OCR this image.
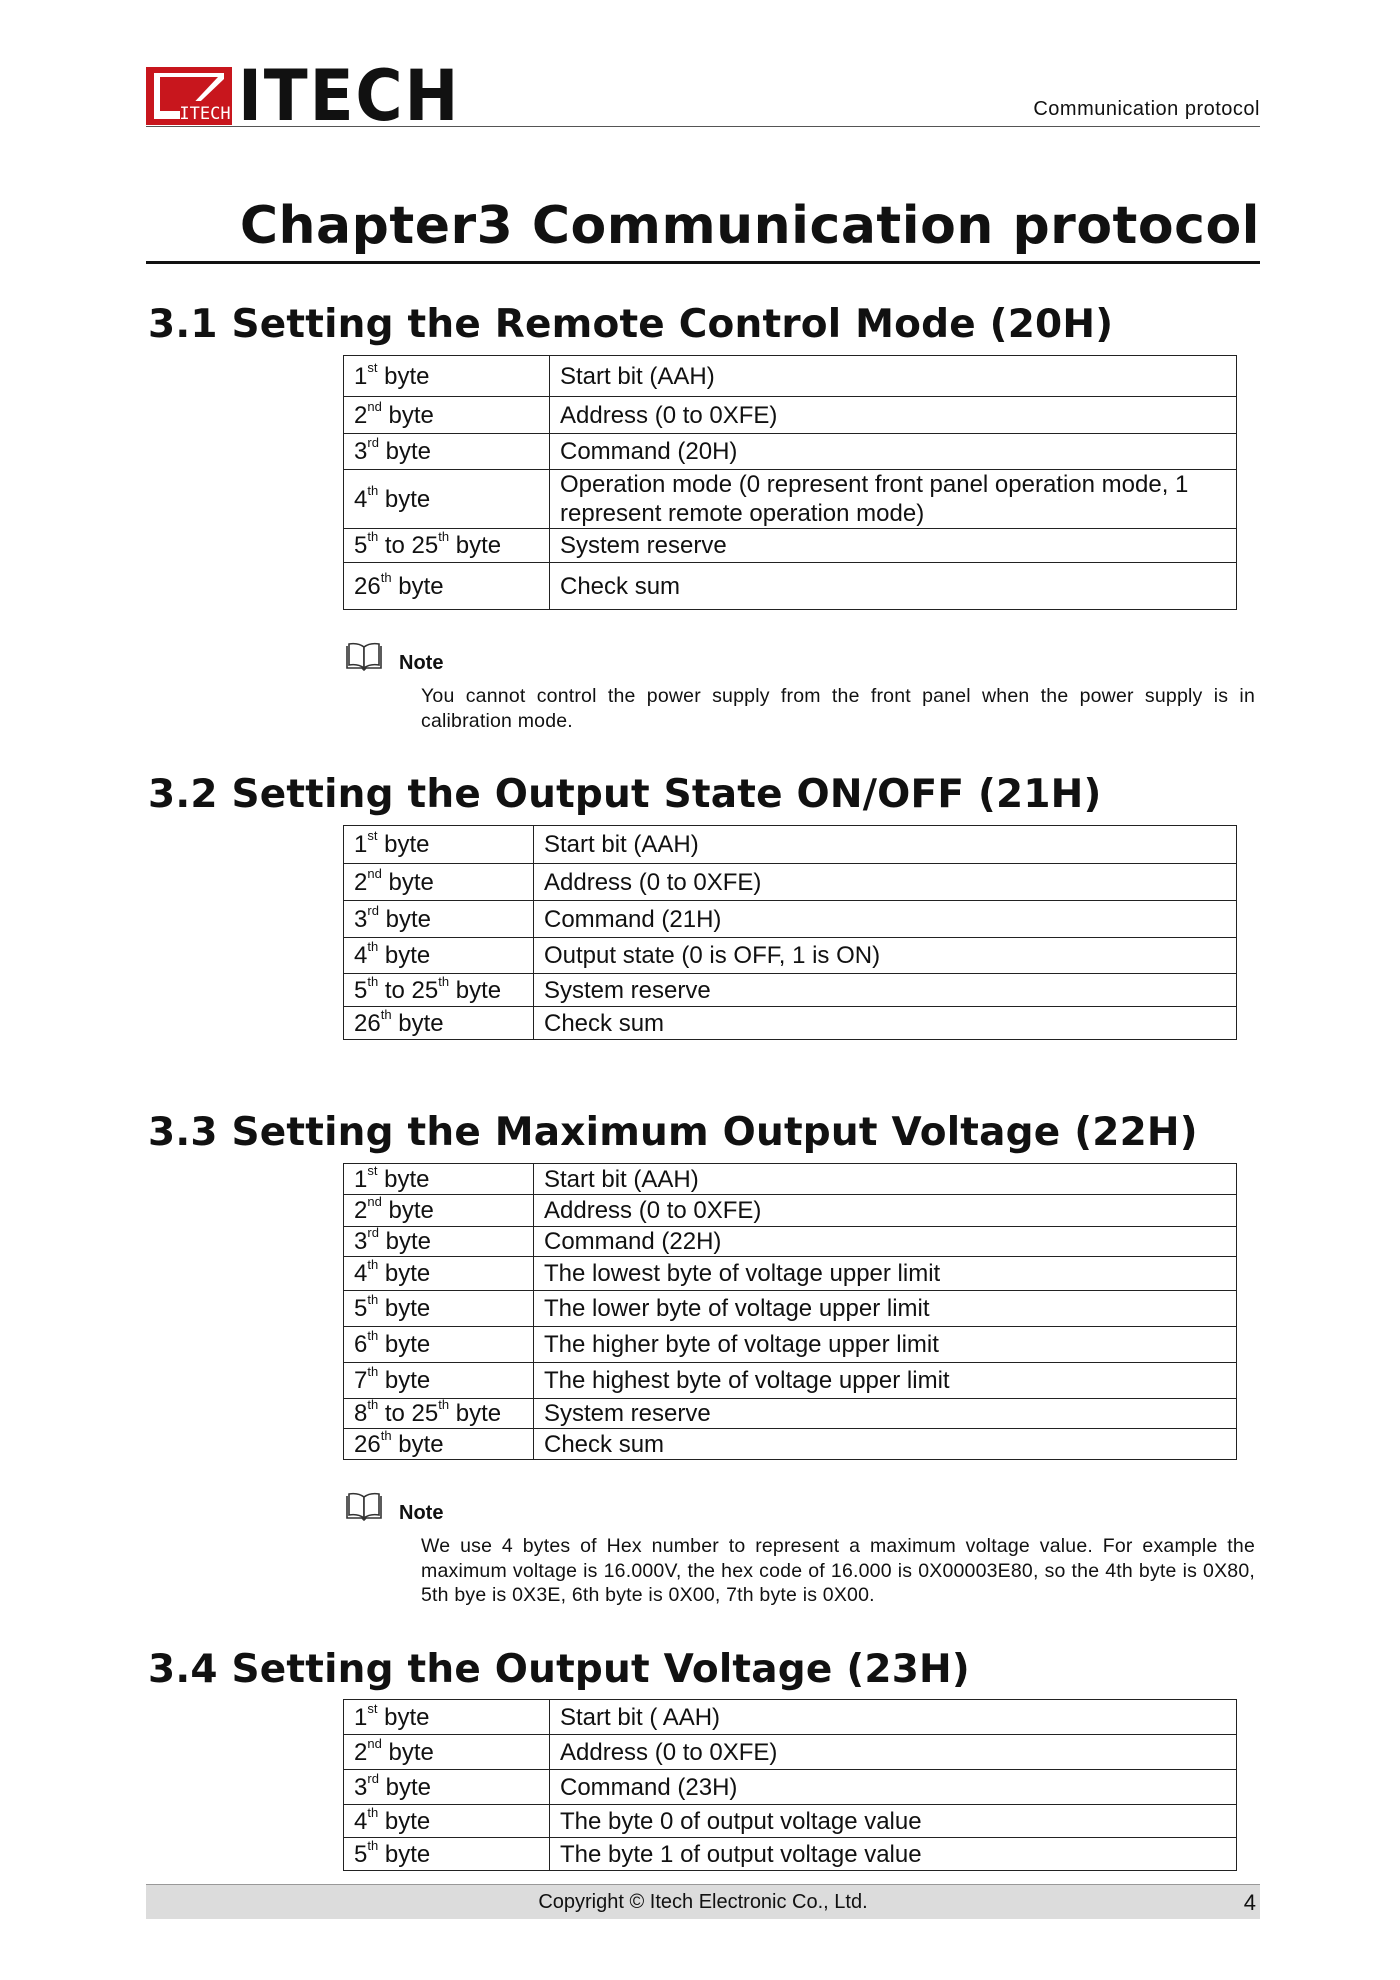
ITECH ITECH	Communication protocol
Chapter3 Communication protocol
3.1 Setting the Remote Control Mode (20H)
1st byte	Start bit (AAH)
2nd byte	Address (0 to 0XFE)
3rd byte	Command (20H)
4th byte	Operation mode (0 represent front panel operation mode, 1 represent remote operation mode)
5th to 25th byte	System reserve
26th byte	Check sum
Note
You cannot control the power supply from the front panel when the power supply is in calibration mode.
3.2 Setting the Output State ON/OFF (21H)
1st byte	Start bit (AAH)
2nd byte	Address (0 to 0XFE)
3rd byte	Command (21H)
4th byte	Output state (0 is OFF, 1 is ON)
5th to 25th byte	System reserve
26th byte	Check sum
3.3 Setting the Maximum Output Voltage (22H)
1st byte	Start bit (AAH)
2nd byte	Address (0 to 0XFE)
3rd byte	Command (22H)
4th byte	The lowest byte of voltage upper limit
5th byte	The lower byte of voltage upper limit
6th byte	The higher byte of voltage upper limit
7th byte	The highest byte of voltage upper limit
8th to 25th byte	System reserve
26th byte	Check sum
Note
We use 4 bytes of Hex number to represent a maximum voltage value. For example the maximum voltage is 16.000V, the hex code of 16.000 is 0X00003E80, so the 4th byte is 0X80, 5th bye is 0X3E, 6th byte is 0X00, 7th byte is 0X00.
3.4 Setting the Output Voltage (23H)
1st byte	Start bit ( AAH)
2nd byte	Address (0 to 0XFE)
3rd byte	Command (23H)
4th byte	The byte 0 of output voltage value
5th byte	The byte 1 of output voltage value
Copyright © Itech Electronic Co., Ltd.	4
